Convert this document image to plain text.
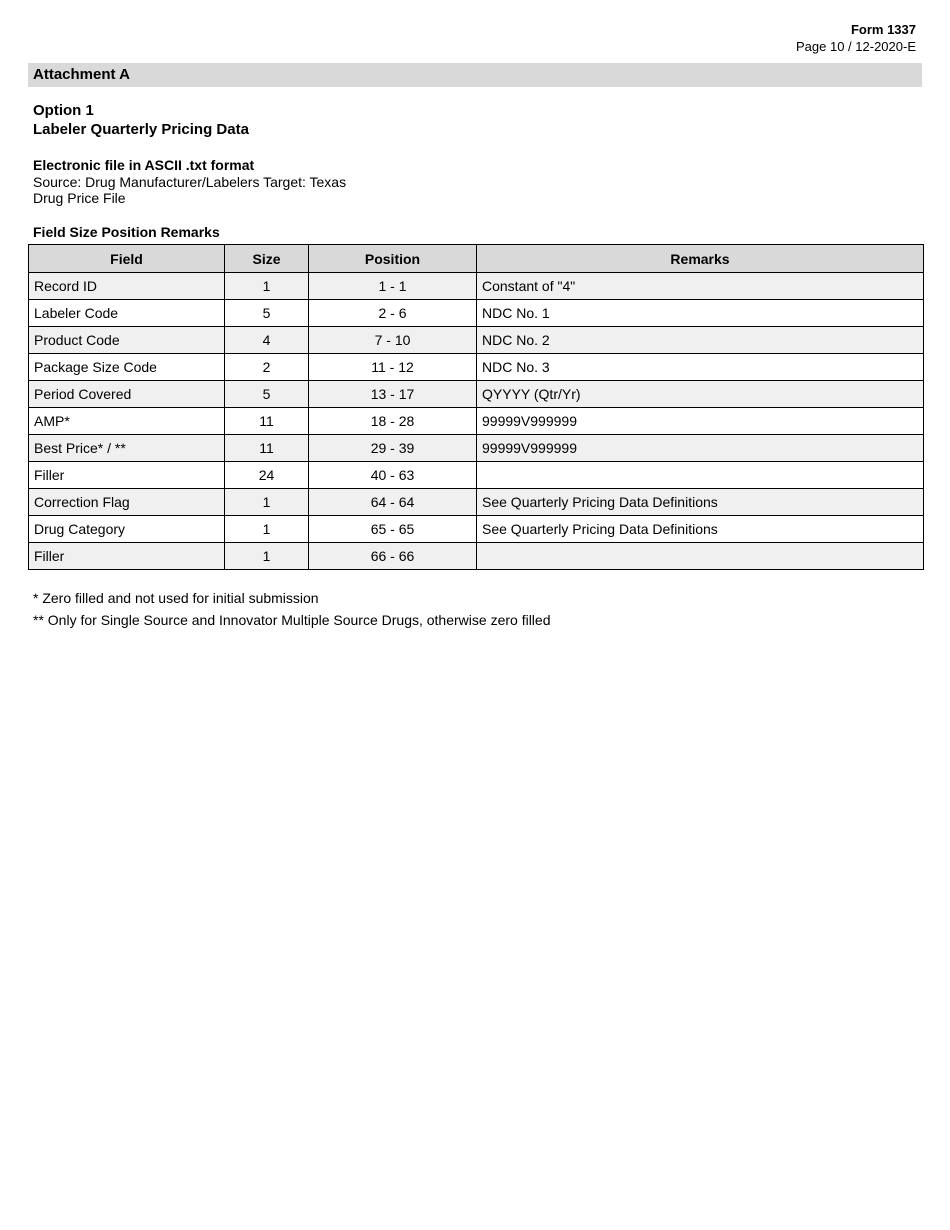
Form 1337
Page 10 / 12-2020-E
Attachment A
Option 1
Labeler Quarterly Pricing Data
Electronic file in ASCII .txt format
Source: Drug Manufacturer/Labelers Target: Texas
Drug Price File
Field Size Position Remarks
Field	Size	Position	Remarks
Record ID	1	1 - 1	Constant of "4"
Labeler Code	5	2 - 6	NDC No. 1
Product Code	4	7 - 10	NDC No. 2
Package Size Code	2	11 - 12	NDC No. 3
Period Covered	5	13 - 17	QYYYY (Qtr/Yr)
AMP*	11	18 - 28	99999V999999
Best Price* / **	11	29 - 39	99999V999999
Filler	24	40 - 63	
Correction Flag	1	64 - 64	See Quarterly Pricing Data Definitions
Drug Category	1	65 - 65	See Quarterly Pricing Data Definitions
Filler	1	66 - 66	
* Zero filled and not used for initial submission
** Only for Single Source and Innovator Multiple Source Drugs, otherwise zero filled
